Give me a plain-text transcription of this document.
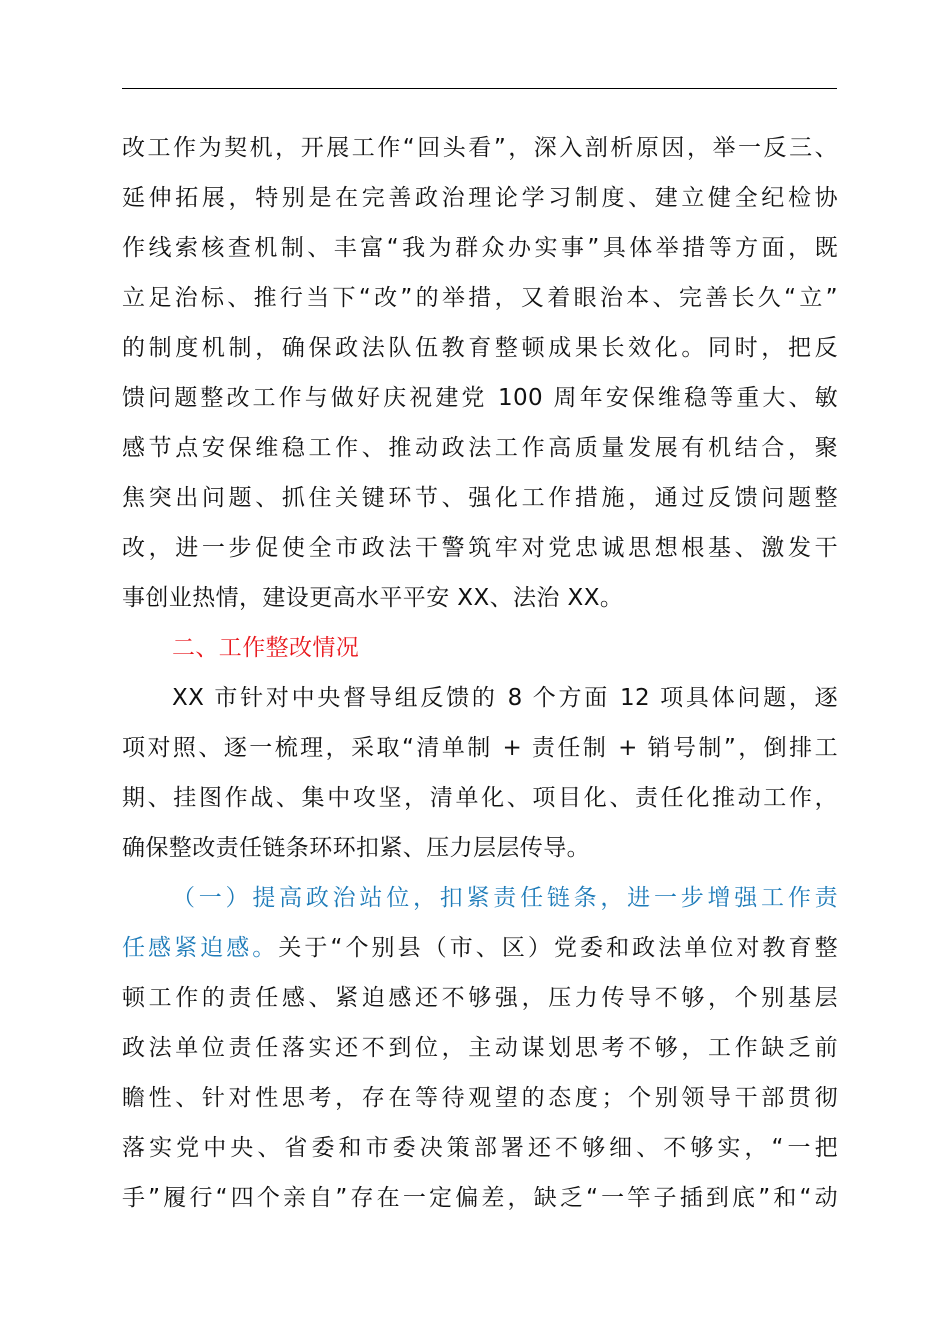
改工作为契机，开展工作“回头看”，深入剖析原因，举一反三、
延伸拓展，特别是在完善政治理论学习制度、建立健全纪检协
作线索核查机制、丰富“我为群众办实事”具体举措等方面，既
立足治标、推行当下“改”的举措，又着眼治本、完善长久“立”
的制度机制，确保政法队伍教育整顿成果长效化。同时，把反
馈问题整改工作与做好庆祝建党 100 周年安保维稳等重大、敏
感节点安保维稳工作、推动政法工作高质量发展有机结合，聚
焦突出问题、抓住关键环节、强化工作措施，通过反馈问题整
改，进一步促使全市政法干警筑牢对党忠诚思想根基、激发干
事创业热情，建设更高水平平安 XX、法治 XX。
二、工作整改情况
XX 市针对中央督导组反馈的 8 个方面 12 项具体问题，逐
项对照、逐一梳理，采取“清单制 + 责任制 + 销号制”，倒排工
期、挂图作战、集中攻坚，清单化、项目化、责任化推动工作，
确保整改责任链条环环扣紧、压力层层传导。
（一）提高政治站位，扣紧责任链条，进一步增强工作责
任感紧迫感。关于“个别县（市、区）党委和政法单位对教育整
顿工作的责任感、紧迫感还不够强，压力传导不够，个别基层
政法单位责任落实还不到位，主动谋划思考不够，工作缺乏前
瞻性、针对性思考，存在等待观望的态度；个别领导干部贯彻
落实党中央、省委和市委决策部署还不够细、不够实，“一把
手”履行“四个亲自”存在一定偏差，缺乏“一竿子插到底”和“动
